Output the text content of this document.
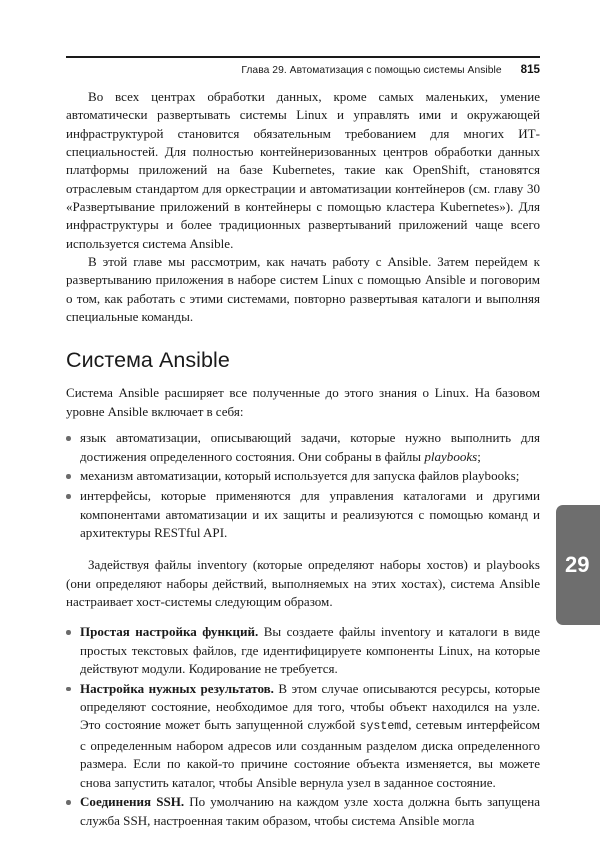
Глава 29. Автоматизация с помощью системы Ansible 815

Во всех центрах обработки данных, кроме самых маленьких, умение автоматически развертывать системы Linux и управлять ими и окружающей инфраструктурой становится обязательным требованием для многих ИТ-специальностей. Для полностью контейнеризованных центров обработки данных платформы приложений на базе Kubernetes, такие как OpenShift, становятся отраслевым стандартом для оркестрации и автоматизации контейнеров (см. главу 30 «Развертывание приложений в контейнеры с помощью кластера Kubernetes»). Для инфраструктуры и более традиционных развертываний приложений чаще всего используется система Ansible.

В этой главе мы рассмотрим, как начать работу с Ansible. Затем перейдем к развертыванию приложения в наборе систем Linux с помощью Ansible и поговорим о том, как работать с этими системами, повторно развертывая каталоги и выполняя специальные команды.

Система Ansible

Система Ansible расширяет все полученные до этого знания о Linux. На базовом уровне Ansible включает в себя:

язык автоматизации, описывающий задачи, которые нужно выполнить для достижения определенного состояния. Они собраны в файлы playbooks;
механизм автоматизации, который используется для запуска файлов playbooks;
интерфейсы, которые применяются для управления каталогами и другими компонентами автоматизации и их защиты и реализуются с помощью команд и архитектуры RESTful API.

Задействуя файлы inventory (которые определяют наборы хостов) и playbooks (они определяют наборы действий, выполняемых на этих хостах), система Ansible настраивает хост-системы следующим образом.

Простая настройка функций. Вы создаете файлы inventory и каталоги в виде простых текстовых файлов, где идентифицируете компоненты Linux, на которые действуют модули. Кодирование не требуется.
Настройка нужных результатов. В этом случае описываются ресурсы, которые определяют состояние, необходимое для того, чтобы объект находился на узле. Это состояние может быть запущенной службой systemd, сетевым интерфейсом с определенным набором адресов или созданным разделом диска определенного размера. Если по какой-то причине состояние объекта изменяется, вы можете снова запустить каталог, чтобы Ansible вернула узел в заданное состояние.
Соединения SSH. По умолчанию на каждом узле хоста должна быть запущена служба SSH, настроенная таким образом, чтобы система Ansible могла
29
